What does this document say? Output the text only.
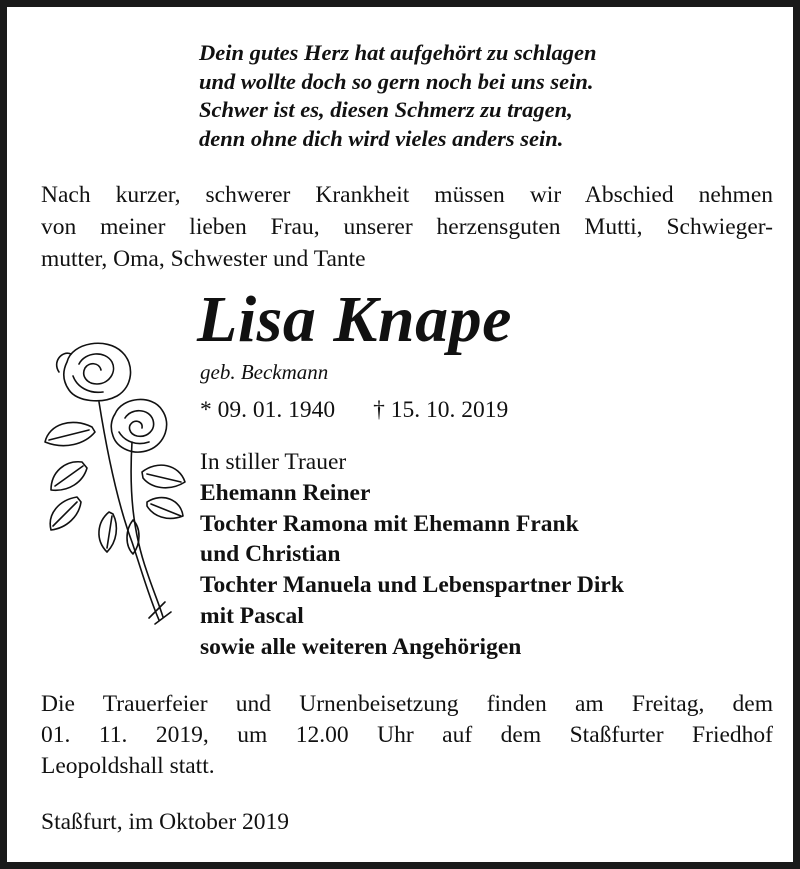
Dein gutes Herz hat aufgehört zu schlagen
und wollte doch so gern noch bei uns sein.
Schwer ist es, diesen Schmerz zu tragen,
denn ohne dich wird vieles anders sein.
Nach kurzer, schwerer Krankheit müssen wir Abschied nehmen
von meiner lieben Frau, unserer herzensguten Mutti, Schwieger-
mutter, Oma, Schwester und Tante
Lisa Knape
geb. Beckmann
* 09. 01. 1940 † 15. 10. 2019
In stiller Trauer
Ehemann Reiner
Tochter Ramona mit Ehemann Frank
und Christian
Tochter Manuela und Lebenspartner Dirk
mit Pascal
sowie alle weiteren Angehörigen
Die Trauerfeier und Urnenbeisetzung finden am Freitag, dem
01. 11. 2019, um 12.00 Uhr auf dem Staßfurter Friedhof
Leopoldshall statt.
Staßfurt, im Oktober 2019
